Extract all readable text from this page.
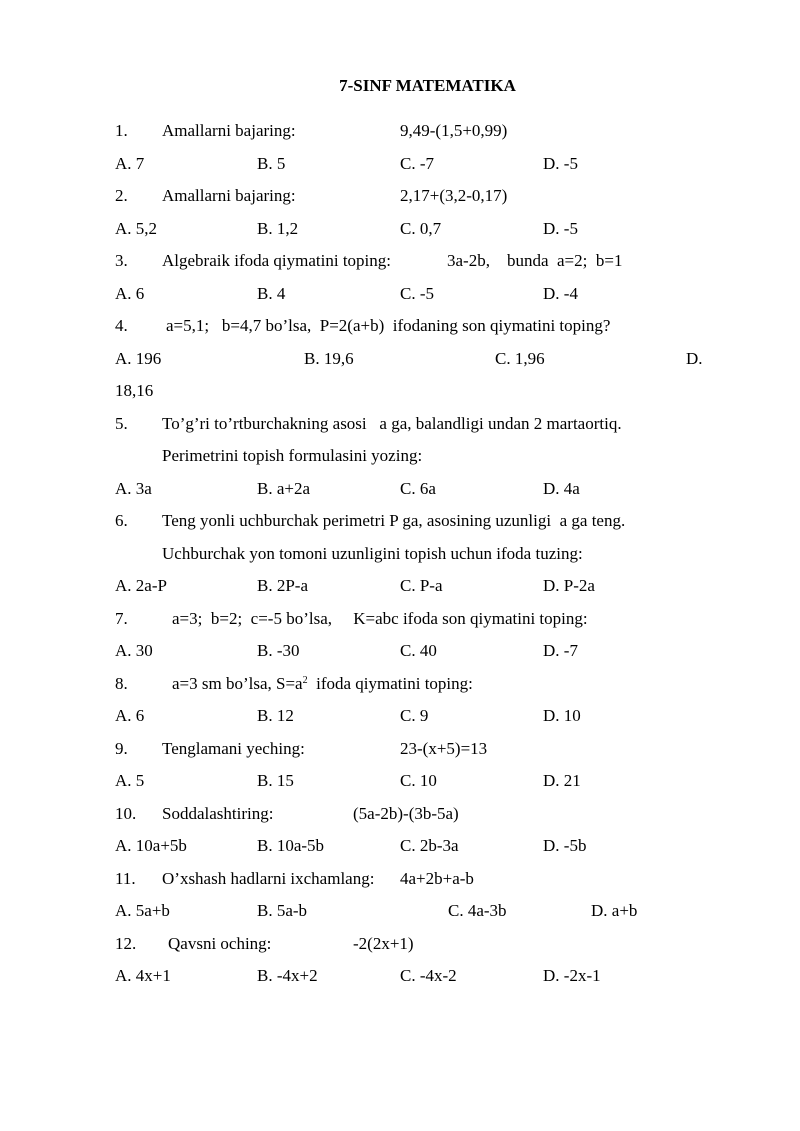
7-SINF MATEMATIKA
1. Amallarni bajaring:	9,49-(1,5+0,99)
A. 7	B. 5	C. -7	D. -5
2. Amallarni bajaring:	2,17+(3,2-0,17)
A. 5,2	B. 1,2	C. 0,7	D. -5
3. Algebraik ifoda qiymatini toping:	3a-2b,    bunda  a=2;  b=1
A. 6	B. 4	C. -5	D. -4
4. a=5,1;   b=4,7 bo’lsa,  P=2(a+b)  ifodaning son qiymatini toping?
A. 196	B. 19,6	C. 1,96	D.
18,16
5. To’g’ri to’rtburchakning asosi   a ga, balandligi undan 2 martaortiq.
Perimetrini topish formulasini yozing:
A. 3a	B. a+2a	C. 6a	D. 4a
6. Teng yonli uchburchak perimetri P ga, asosining uzunligi  a ga teng.
Uchburchak yon tomoni uzunligini topish uchun ifoda tuzing:
A. 2a-P	B. 2P-a	C. P-a	D. P-2a
7.	a=3;  b=2;  c=-5 bo’lsa,     K=abc ifoda son qiymatini toping:
A. 30	B. -30	C. 40	D. -7
8.	a=3 sm bo’lsa, $S=a^2$  ifoda qiymatini toping:
A. 6	B. 12	C. 9	D. 10
9. Tenglamani yeching:	23-(x+5)=13
A. 5	B. 15	C. 10	D. 21
10. Soddalashtiring:	(5a-2b)-(3b-5a)
A. 10a+5b	B. 10a-5b	C. 2b-3a	D. -5b
11. O’xshash hadlarni ixchamlang: 4a+2b+a-b
A. 5a+b	B. 5a-b	C. 4a-3b	D. a+b
12. Qavsni oching:	-2(2x+1)
A. 4x+1	B. -4x+2	C. -4x-2	D. -2x-1
